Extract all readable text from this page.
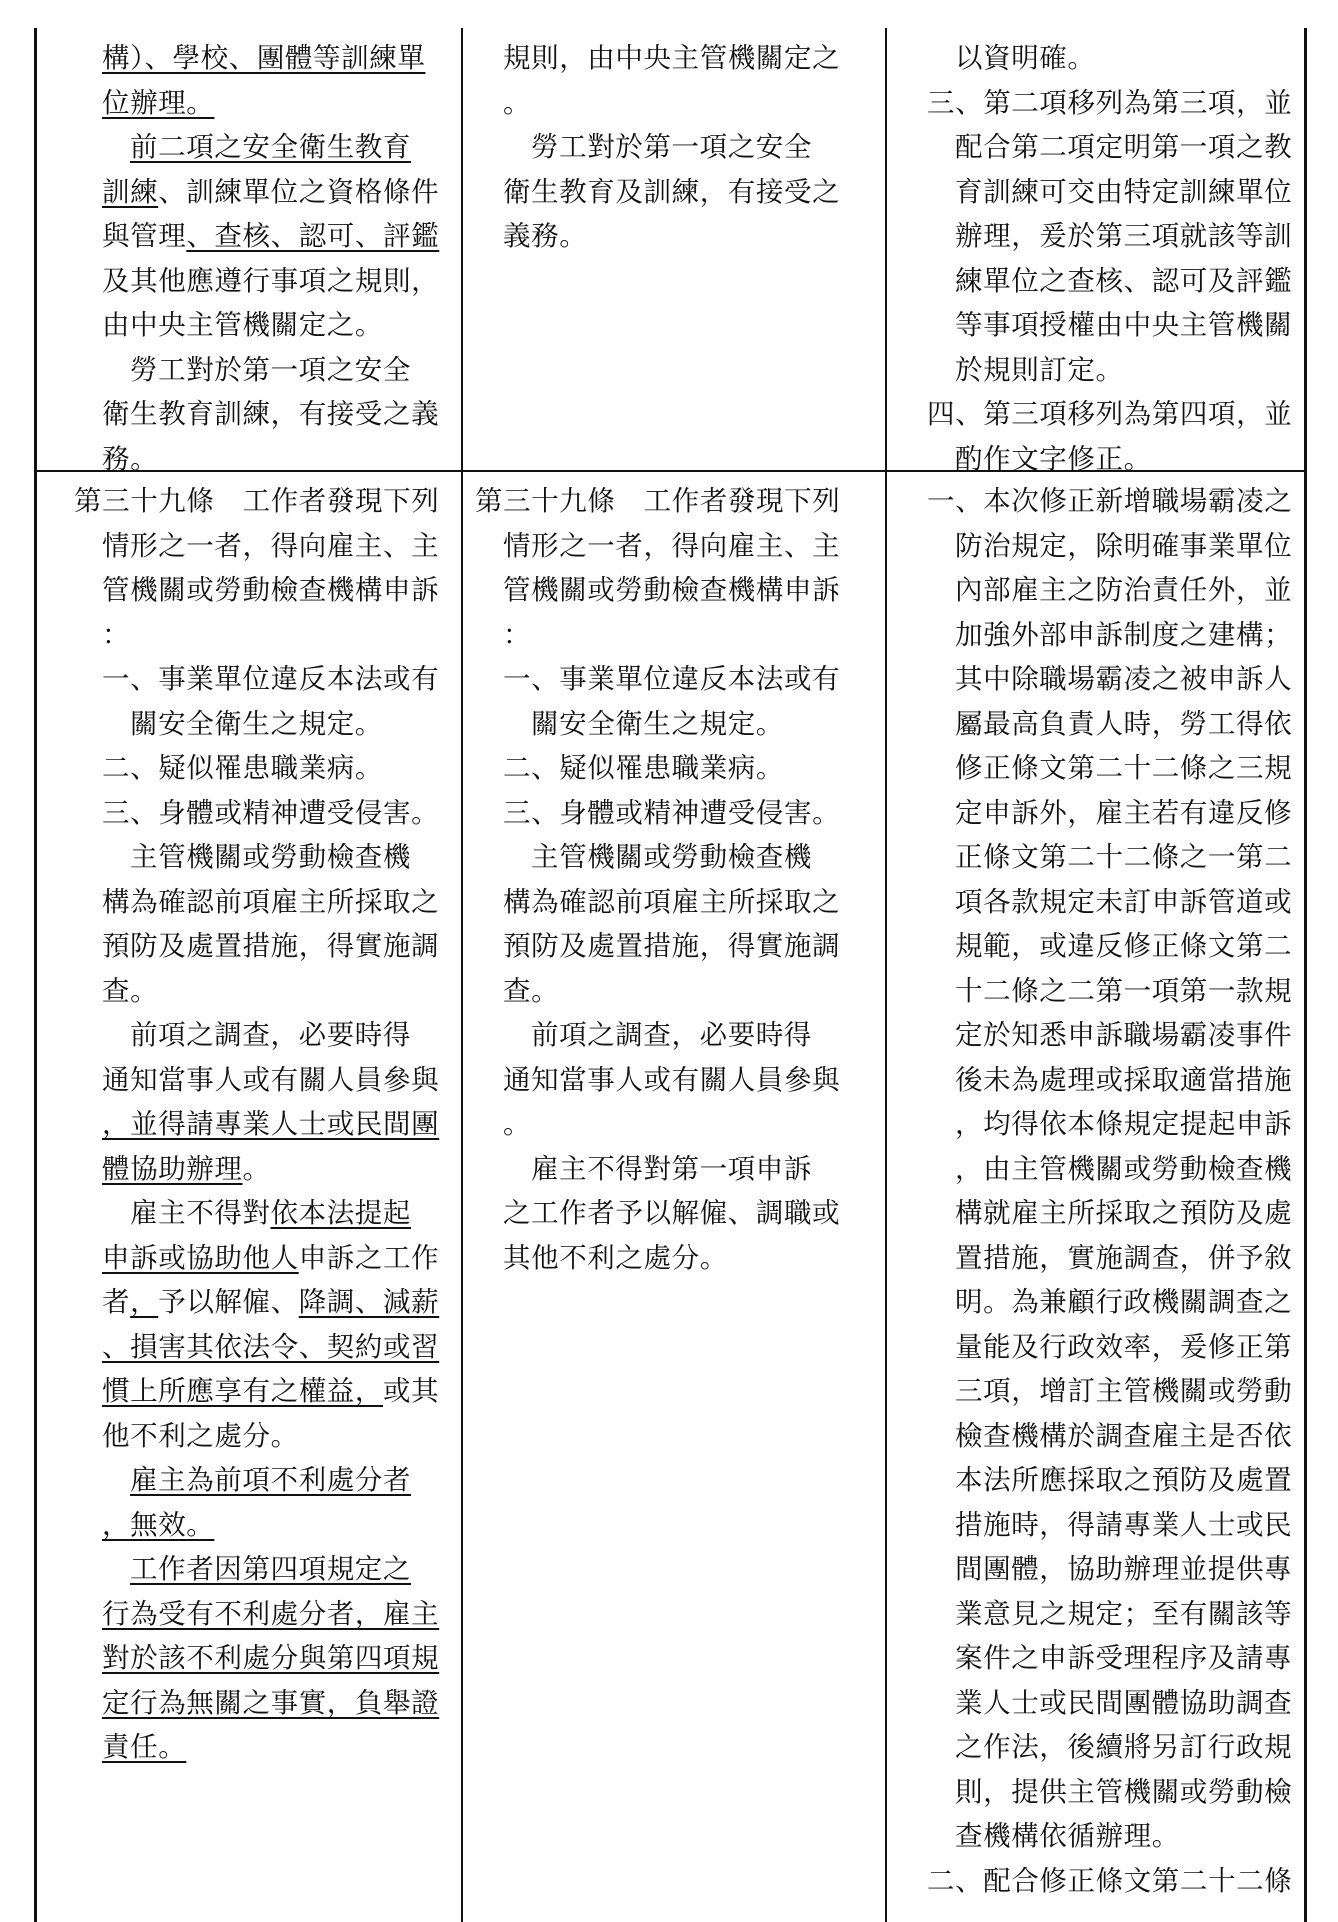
構）、學校、團體等訓練單
位辦理。
前二項之安全衛生教育
訓練、訓練單位之資格條件
與管理、查核、認可、評鑑
及其他應遵行事項之規則，
由中央主管機關定之。
勞工對於第一項之安全
衛生教育訓練，有接受之義
務。
規則，由中央主管機關定之
。
勞工對於第一項之安全
衛生教育及訓練，有接受之
義務。
以資明確。
三、第二項移列為第三項，並
配合第二項定明第一項之教
育訓練可交由特定訓練單位
辦理，爰於第三項就該等訓
練單位之查核、認可及評鑑
等事項授權由中央主管機關
於規則訂定。
四、第三項移列為第四項，並
酌作文字修正。
第三十九條　工作者發現下列
情形之一者，得向雇主、主
管機關或勞動檢查機構申訴
：
一、事業單位違反本法或有
關安全衛生之規定。
二、疑似罹患職業病。
三、身體或精神遭受侵害。
主管機關或勞動檢查機
構為確認前項雇主所採取之
預防及處置措施，得實施調
查。
前項之調查，必要時得
通知當事人或有關人員參與
，並得請專業人士或民間團
體協助辦理。
雇主不得對依本法提起
申訴或協助他人申訴之工作
者，予以解僱、降調、減薪
、損害其依法令、契約或習
慣上所應享有之權益，或其
他不利之處分。
雇主為前項不利處分者
，無效。
工作者因第四項規定之
行為受有不利處分者，雇主
對於該不利處分與第四項規
定行為無關之事實，負舉證
責任。
第三十九條　工作者發現下列
情形之一者，得向雇主、主
管機關或勞動檢查機構申訴
：
一、事業單位違反本法或有
關安全衛生之規定。
二、疑似罹患職業病。
三、身體或精神遭受侵害。
主管機關或勞動檢查機
構為確認前項雇主所採取之
預防及處置措施，得實施調
查。
前項之調查，必要時得
通知當事人或有關人員參與
。
雇主不得對第一項申訴
之工作者予以解僱、調職或
其他不利之處分。
一、本次修正新增職場霸凌之
防治規定，除明確事業單位
內部雇主之防治責任外，並
加強外部申訴制度之建構；
其中除職場霸凌之被申訴人
屬最高負責人時，勞工得依
修正條文第二十二條之三規
定申訴外，雇主若有違反修
正條文第二十二條之一第二
項各款規定未訂申訴管道或
規範，或違反修正條文第二
十二條之二第一項第一款規
定於知悉申訴職場霸凌事件
後未為處理或採取適當措施
，均得依本條規定提起申訴
，由主管機關或勞動檢查機
構就雇主所採取之預防及處
置措施，實施調查，併予敘
明。為兼顧行政機關調查之
量能及行政效率，爰修正第
三項，增訂主管機關或勞動
檢查機構於調查雇主是否依
本法所應採取之預防及處置
措施時，得請專業人士或民
間團體，協助辦理並提供專
業意見之規定；至有關該等
案件之申訴受理程序及請專
業人士或民間團體協助調查
之作法，後續將另訂行政規
則，提供主管機關或勞動檢
查機構依循辦理。
二、配合修正條文第二十二條
